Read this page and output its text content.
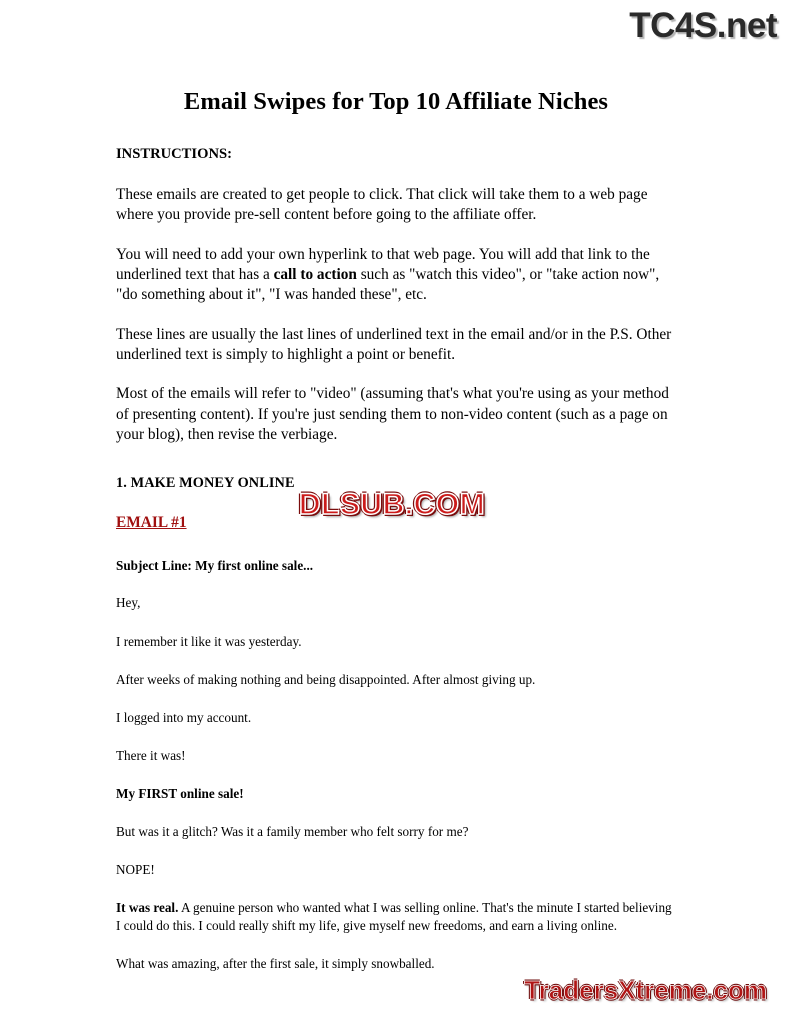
TC4S.net
Email Swipes for Top 10 Affiliate Niches
INSTRUCTIONS:

These emails are created to get people to click. That click will take them to a web page where you provide pre-sell content before going to the affiliate offer.

You will need to add your own hyperlink to that web page. You will add that link to the underlined text that has a call to action such as "watch this video", or "take action now", "do something about it", "I was handed these", etc.

These lines are usually the last lines of underlined text in the email and/or in the P.S. Other underlined text is simply to highlight a point or benefit.

Most of the emails will refer to "video" (assuming that's what you're using as your method of presenting content). If you're just sending them to non-video content (such as a page on your blog), then revise the verbiage.

1. MAKE MONEY ONLINE
EMAIL #1
Subject Line: My first online sale...
Hey,
I remember it like it was yesterday.
After weeks of making nothing and being disappointed. After almost giving up.
I logged into my account.
There it was!
My FIRST online sale!
But was it a glitch? Was it a family member who felt sorry for me?
NOPE!
It was real. A genuine person who wanted what I was selling online. That's the minute I started believing I could do this. I could really shift my life, give myself new freedoms, and earn a living online.
What was amazing, after the first sale, it simply snowballed.
DLSUB.COM
TradersXtreme.com
